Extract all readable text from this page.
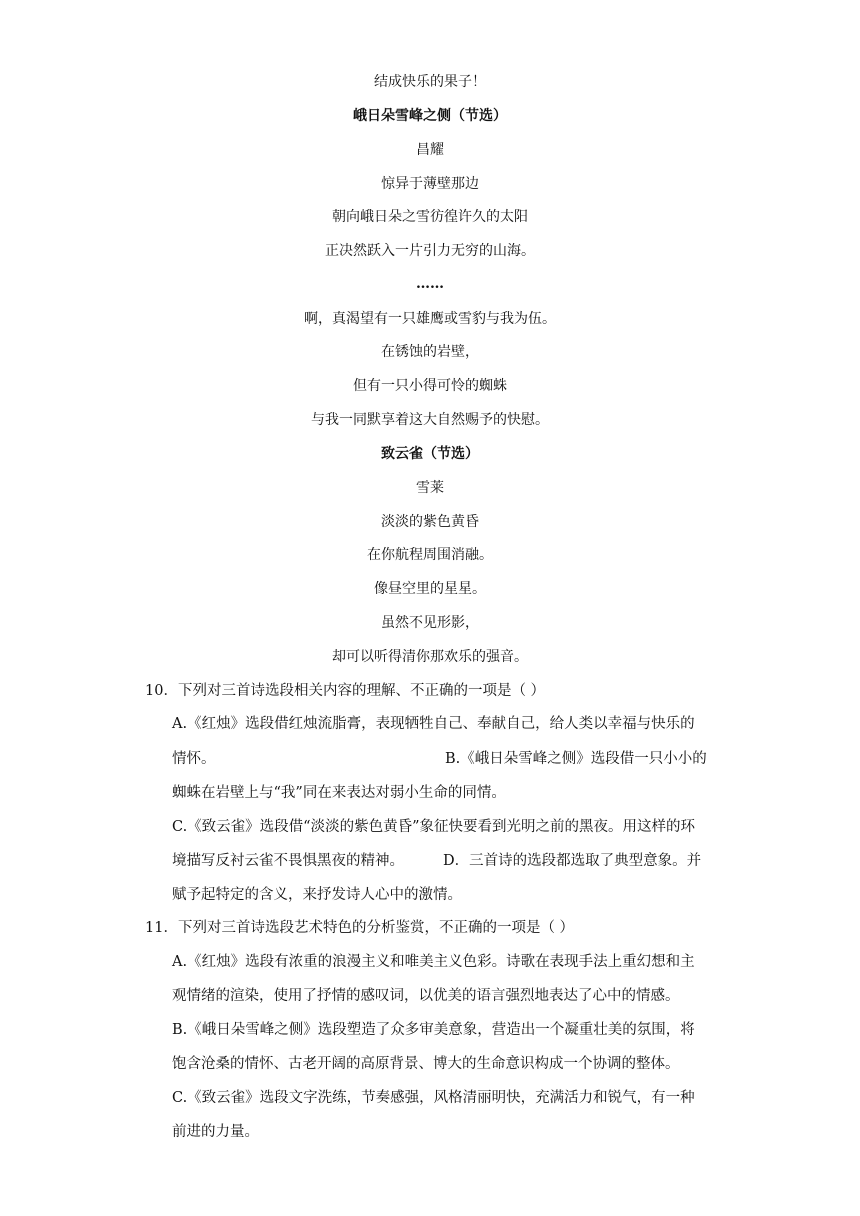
结成快乐的果子！
峨日朵雪峰之侧（节选）
昌耀
惊异于薄壁那边
朝向峨日朵之雪彷徨许久的太阳
正决然跃入一片引力无穷的山海。
……
啊，真渴望有一只雄鹰或雪豹与我为伍。
在锈蚀的岩壁，
但有一只小得可怜的蜘蛛
与我一同默享着这大自然赐予的快慰。
致云雀（节选）
雪莱
淡淡的紫色黄昏
在你航程周围消融。
像昼空里的星星。
虽然不见形影，
却可以听得清你那欢乐的强音。
10．下列对三首诗选段相关内容的理解、不正确的一项是（ ）
A.《红烛》选段借红烛流脂膏，表现牺牲自己、奉献自己，给人类以幸福与快乐的
情怀。	B.《峨日朵雪峰之侧》选段借一只小小的
蜘蛛在岩壁上与“我”同在来表达对弱小生命的同情。
C.《致云雀》选段借“淡淡的紫色黄昏”象征快要看到光明之前的黑夜。用这样的环
境描写反衬云雀不畏惧黑夜的精神。	D．三首诗的选段都选取了典型意象。并
赋予起特定的含义，来抒发诗人心中的激情。
11．下列对三首诗选段艺术特色的分析鉴赏，不正确的一项是（ ）
A.《红烛》选段有浓重的浪漫主义和唯美主义色彩。诗歌在表现手法上重幻想和主
观情绪的渲染，使用了抒情的感叹词，以优美的语言强烈地表达了心中的情感。
B.《峨日朵雪峰之侧》选段塑造了众多审美意象，营造出一个凝重壮美的氛围，将
饱含沧桑的情怀、古老开阔的高原背景、博大的生命意识构成一个协调的整体。
C.《致云雀》选段文字洗练，节奏感强，风格清丽明快，充满活力和锐气，有一种
前进的力量。
